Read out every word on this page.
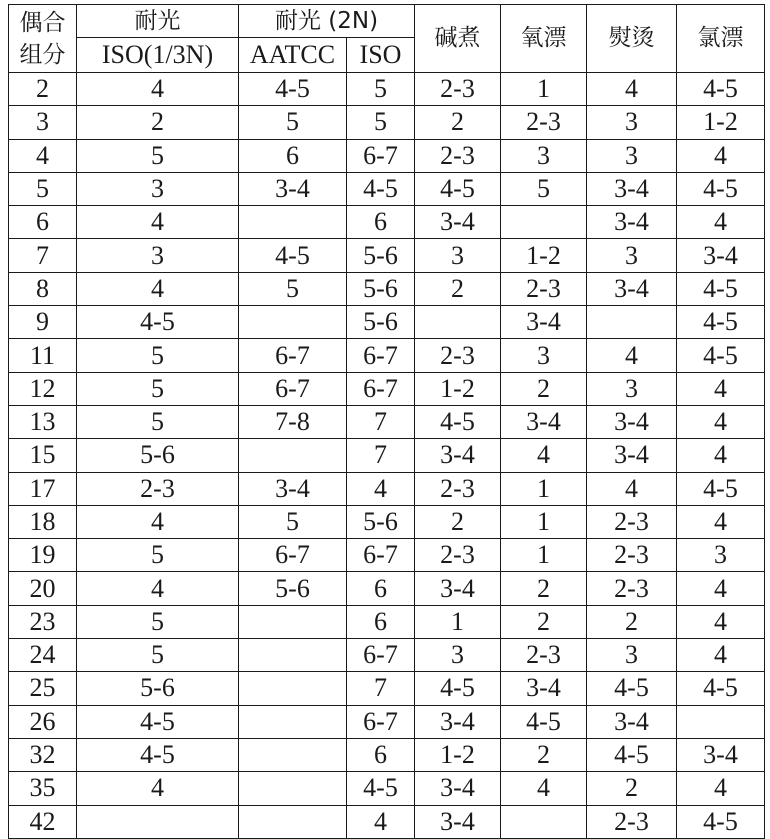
偶合
组分	耐光	耐光 (2N)		碱煮	氧漂	熨烫	氯漂
	ISO(1/3N)	AATCC	ISO				
2	4	4-5	5	2-3	1	4	4-5
3	2	5	5	2	2-3	3	1-2
4	5	6	6-7	2-3	3	3	4
5	3	3-4	4-5	4-5	5	3-4	4-5
6	4		6	3-4		3-4	4
7	3	4-5	5-6	3	1-2	3	3-4
8	4	5	5-6	2	2-3	3-4	4-5
9	4-5		5-6		3-4		4-5
11	5	6-7	6-7	2-3	3	4	4-5
12	5	6-7	6-7	1-2	2	3	4
13	5	7-8	7	4-5	3-4	3-4	4
15	5-6		7	3-4	4	3-4	4
17	2-3	3-4	4	2-3	1	4	4-5
18	4	5	5-6	2	1	2-3	4
19	5	6-7	6-7	2-3	1	2-3	3
20	4	5-6	6	3-4	2	2-3	4
23	5		6	1	2	2	4
24	5		6-7	3	2-3	3	4
25	5-6		7	4-5	3-4	4-5	4-5
26	4-5		6-7	3-4	4-5	3-4	
32	4-5		6	1-2	2	4-5	3-4
35	4		4-5	3-4	4	2	4
42			4	3-4		2-3	4-5
